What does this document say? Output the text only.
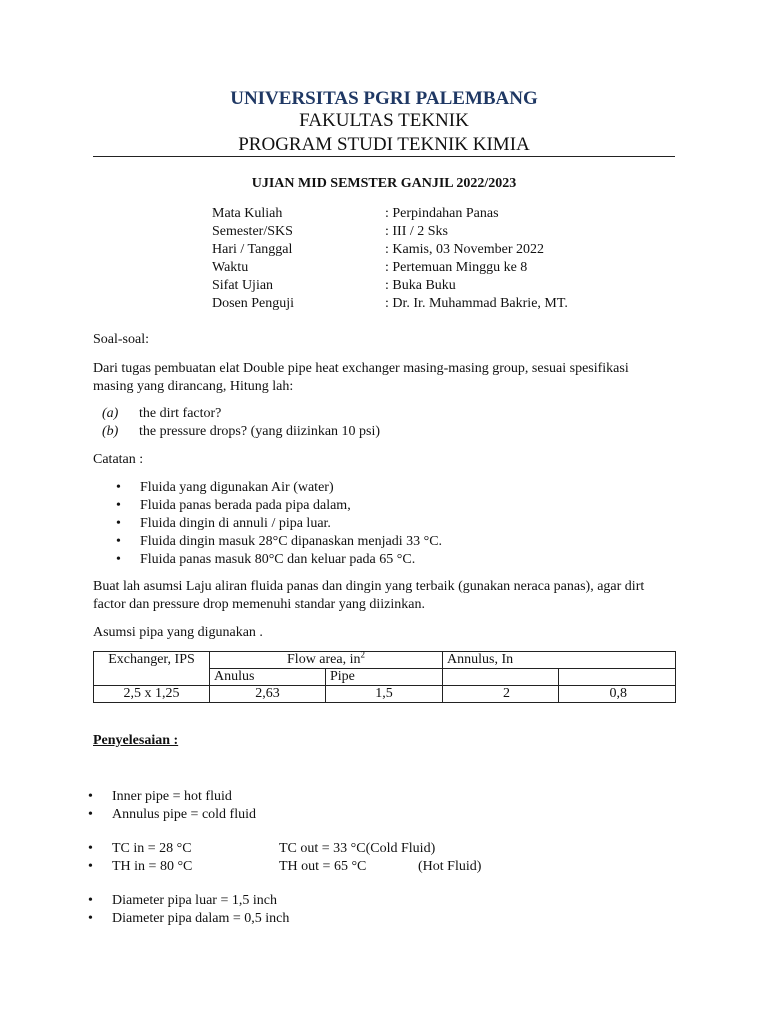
UNIVERSITAS PGRI PALEMBANG
FAKULTAS TEKNIK
PROGRAM STUDI TEKNIK KIMIA
UJIAN MID SEMSTER GANJIL 2022/2023
Mata Kuliah	: Perpindahan Panas
Semester/SKS	: III / 2 Sks
Hari / Tanggal	: Kamis, 03 November 2022
Waktu	: Pertemuan Minggu ke 8
Sifat Ujian	: Buka Buku
Dosen Penguji	: Dr. Ir. Muhammad Bakrie, MT.
Soal-soal:
Dari tugas pembuatan elat Double pipe heat exchanger masing-masing group, sesuai spesifikasi masing yang dirancang, Hitung lah:
(a) the dirt factor?
(b) the pressure drops? (yang diizinkan 10 psi)
Catatan :
• Fluida yang digunakan Air (water)
• Fluida panas berada pada pipa dalam,
• Fluida dingin di annuli / pipa luar.
• Fluida dingin masuk 28°C dipanaskan menjadi 33 °C.
• Fluida panas masuk 80°C dan keluar pada 65 °C.
Buat lah asumsi Laju aliran fluida panas dan dingin yang terbaik (gunakan neraca panas), agar dirt factor dan pressure drop memenuhi standar yang diizinkan.
Asumsi pipa yang digunakan .
Exchanger, IPS	Flow area, $in^2$		Annulus, In	
	Anulus	Pipe		
2,5 x 1,25	2,63	1,5	2	0,8
Penyelesaian :
• Inner pipe = hot fluid
• Annulus pipe = cold fluid
• TC in = 28 °C	TC out = 33 °C(Cold Fluid)
• TH in = 80 °C	TH out = 65 °C	(Hot Fluid)
• Diameter pipa luar = 1,5 inch
• Diameter pipa dalam = 0,5 inch
